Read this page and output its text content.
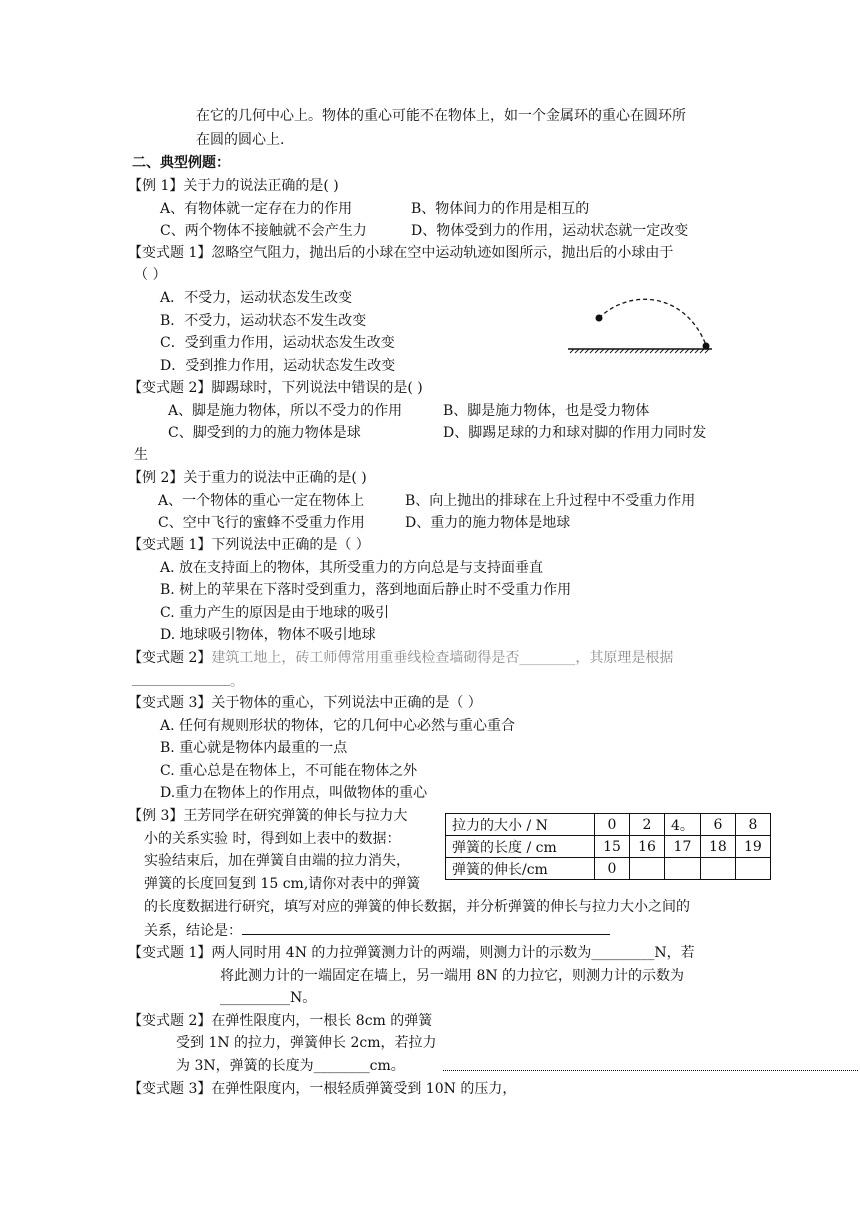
在它的几何中心上。物体的重心可能不在物体上，如一个金属环的重心在圆环所
在圆的圆心上.
二、典型例题：
【例 1】关于力的说法正确的是( )
A、有物体就一定存在力的作用	B、物体间力的作用是相互的
C、两个物体不接触就不会产生力	D、物体受到力的作用，运动状态就一定改变
【变式题 1】忽略空气阻力，抛出后的小球在空中运动轨迹如图所示，抛出后的小球由于
（ ）
A．不受力，运动状态发生改变
B．不受力，运动状态不发生改变
C．受到重力作用，运动状态发生改变
D．受到推力作用，运动状态发生改变
【变式题 2】脚踢球时，下列说法中错误的是( )
A、脚是施力物体，所以不受力的作用	B、脚是施力物体，也是受力物体
C、脚受到的力的施力物体是球	D、脚踢足球的力和球对脚的作用力同时发
生
【例 2】关于重力的说法中正确的是( )
A、一个物体的重心一定在物体上	B、向上抛出的排球在上升过程中不受重力作用
C、空中飞行的蜜蜂不受重力作用	D、重力的施力物体是地球
【变式题 1】下列说法中正确的是（ ）
A. 放在支持面上的物体，其所受重力的方向总是与支持面垂直
B. 树上的苹果在下落时受到重力，落到地面后静止时不受重力作用
C. 重力产生的原因是由于地球的吸引
D. 地球吸引物体，物体不吸引地球
【变式题 2】建筑工地上，砖工师傅常用重垂线检查墙砌得是否________，其原理是根据
。
【变式题 3】关于物体的重心，下列说法中正确的是（ ）
A. 任何有规则形状的物体，它的几何中心必然与重心重合
B. 重心就是物体内最重的一点
C. 重心总是在物体上，不可能在物体之外
D.重力在物体上的作用点，叫做物体的重心
【例 3】王芳同学在研究弹簧的伸长与拉力大
小的关系实验 时，得到如上表中的数据：
实验结束后，加在弹簧自由端的拉力消失，
弹簧的长度回复到 15 cm,请你对表中的弹簧
的长度数据进行研究，填写对应的弹簧的伸长数据，并分析弹簧的伸长与拉力大小之间的
关系，结论是：
拉力的大小 / N	0	2	4。	6	8
弹簧的长度 / cm	15	16	17	18	19
弹簧的伸长/cm	0				
【变式题 1】两人同时用 4N 的力拉弹簧测力计的两端，则测力计的示数为_________N，若
将此测力计的一端固定在墙上，另一端用 8N 的力拉它，则测力计的示数为
__________N。
【变式题 2】在弹性限度内，一根长 8cm 的弹簧
受到 1N 的拉力，弹簧伸长 2cm，若拉力
为 3N，弹簧的长度为________cm。
【变式题 3】在弹性限度内，一根轻质弹簧受到 10N 的压力，
